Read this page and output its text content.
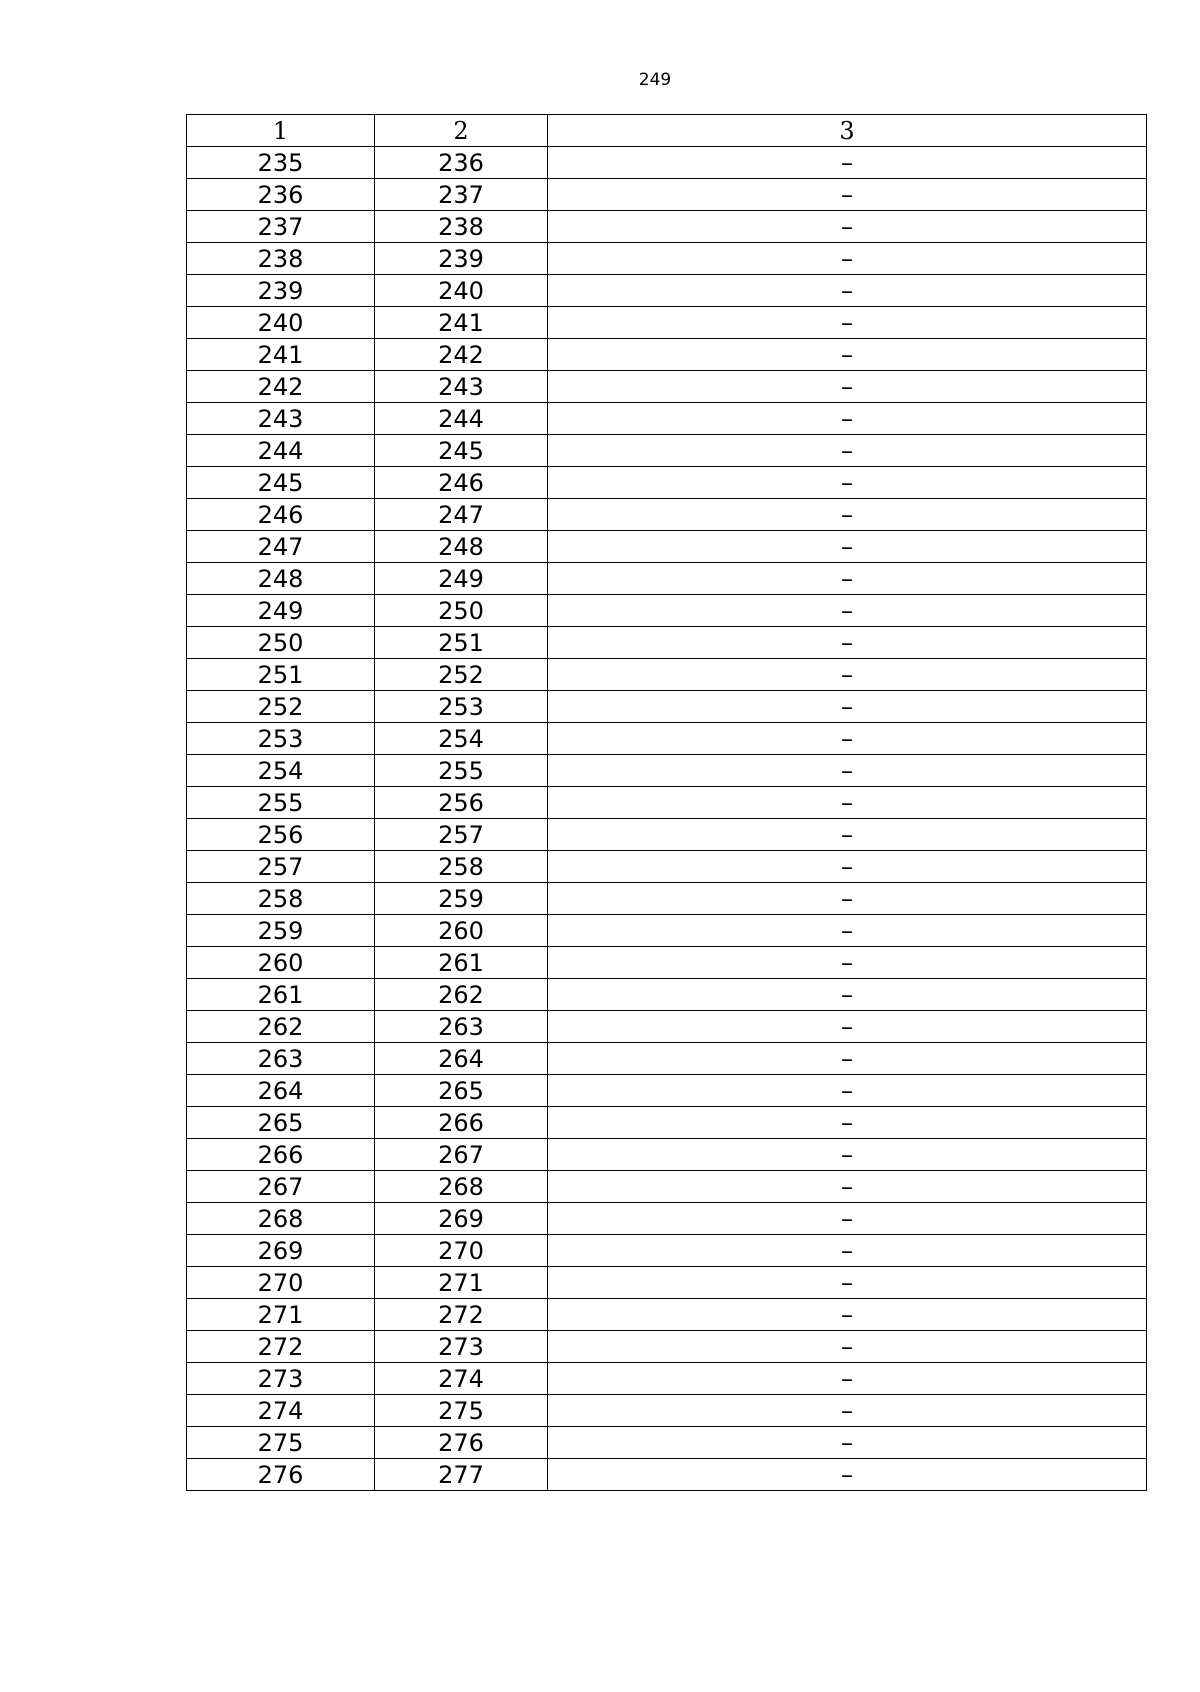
249
1	2	3
235	236	–
236	237	–
237	238	–
238	239	–
239	240	–
240	241	–
241	242	–
242	243	–
243	244	–
244	245	–
245	246	–
246	247	–
247	248	–
248	249	–
249	250	–
250	251	–
251	252	–
252	253	–
253	254	–
254	255	–
255	256	–
256	257	–
257	258	–
258	259	–
259	260	–
260	261	–
261	262	–
262	263	–
263	264	–
264	265	–
265	266	–
266	267	–
267	268	–
268	269	–
269	270	–
270	271	–
271	272	–
272	273	–
273	274	–
274	275	–
275	276	–
276	277	–
